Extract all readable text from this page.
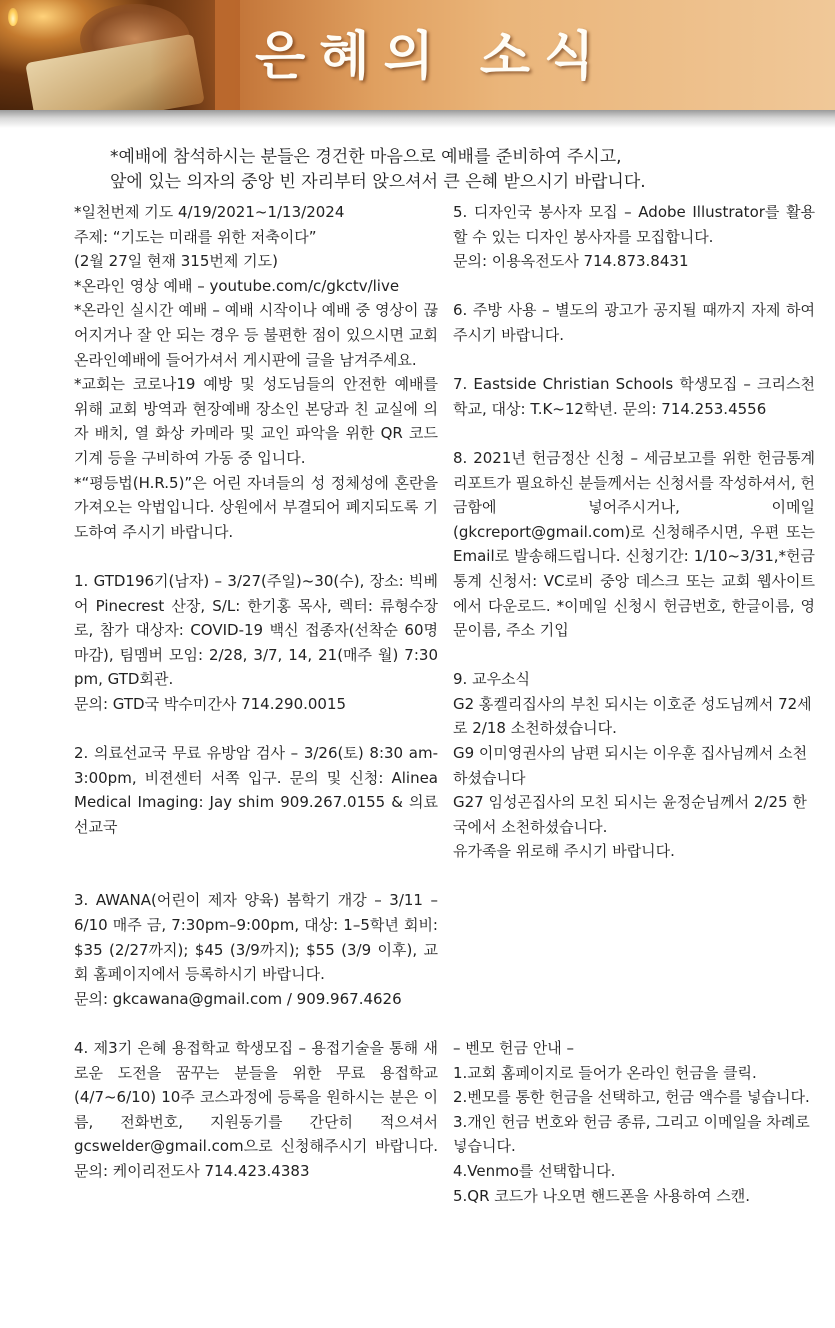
은혜의 소식
*예배에 참석하시는 분들은 경건한 마음으로 예배를 준비하여 주시고,
앞에 있는 의자의 중앙 빈 자리부터 앉으셔서 큰 은혜 받으시기 바랍니다.

*일천번제 기도 4/19/2021~1/13/2024

주제: “기도는 미래를 위한 저축이다”

(2월 27일 현재 315번제 기도)

*온라인 영상 예배 – youtube.com/c/gkctv/live

*온라인 실시간 예배 – 예배 시작이나 예배 중 영상이 끊어지거나 잘 안 되는 경우 등 불편한 점이 있으시면 교회 온라인예배에 들어가셔서 게시판에 글을 남겨주세요.

*교회는 코로나19 예방 및 성도님들의 안전한 예배를 위해 교회 방역과 현장예배 장소인 본당과 친 교실에 의자 배치, 열 화상 카메라 및 교인 파악을 위한 QR 코드 기계 등을 구비하여 가동 중 입니다.

*“평등법(H.R.5)”은 어린 자녀들의 성 정체성에 혼란을 가져오는 악법입니다. 상원에서 부결되어 폐지되도록 기도하여 주시기 바랍니다.

1. GTD196기(남자) – 3/27(주일)~30(수), 장소: 빅베어 Pinecrest 산장, S/L: 한기홍 목사, 렉터: 류형수장로, 참가 대상자: COVID-19 백신 접종자(선착순 60명 마감), 팀멤버 모임: 2/28, 3/7, 14, 21(매주 월) 7:30 pm, GTD회관.

문의: GTD국 박수미간사 714.290.0015

2. 의료선교국 무료 유방암 검사 – 3/26(토) 8:30 am-3:00pm, 비젼센터 서쪽 입구. 문의 및 신청: Alinea Medical Imaging: Jay shim 909.267.0155 & 의료선교국

3. AWANA(어린이 제자 양육) 봄학기 개강 – 3/11 – 6/10 매주 금, 7:30pm–9:00pm, 대상: 1–5학년 회비: $35 (2/27까지); $45 (3/9까지); $55 (3/9 이후), 교회 홈페이지에서 등록하시기 바랍니다.

문의: gkcawana@gmail.com / 909.967.4626

4. 제3기 은혜 용접학교 학생모집 – 용접기술을 통해 새로운 도전을 꿈꾸는 분들을 위한 무료 용접학교(4/7~6/10) 10주 코스과정에 등록을 원하시는 분은 이름, 전화번호, 지원동기를 간단히 적으셔서 gcswelder@gmail.com으로 신청해주시기 바랍니다. 문의: 케이리전도사 714.423.4383

5. 디자인국 봉사자 모집 – Adobe Illustrator를 활용할 수 있는 디자인 봉사자를 모집합니다.

문의: 이용옥전도사 714.873.8431

6. 주방 사용 – 별도의 광고가 공지될 때까지 자제 하여 주시기 바랍니다.

7. Eastside Christian Schools 학생모집 – 크리스천 학교, 대상: T.K~12학년. 문의: 714.253.4556

8. 2021년 헌금정산 신청 – 세금보고를 위한 헌금통계 리포트가 필요하신 분들께서는 신청서를 작성하셔서, 헌금함에 넣어주시거나, 이메일(gkcreport@gmail.com)로 신청해주시면, 우편 또는 Email로 발송해드립니다. 신청기간: 1/10~3/31,*헌금통계 신청서: VC로비 중앙 데스크 또는 교회 웹사이트에서 다운로드. *이메일 신청시 헌금번호, 한글이름, 영문이름, 주소 기입

9. 교우소식

G2 홍켈리집사의 부친 되시는 이호준 성도님께서 72세로 2/18 소천하셨습니다.

G9 이미영권사의 남편 되시는 이우훈 집사님께서 소천하셨습니다

G27 임성곤집사의 모친 되시는 윤정순님께서 2/25 한국에서 소천하셨습니다.

유가족을 위로해 주시기 바랍니다.

– 벤모 헌금 안내 –

1.교회 홈페이지로 들어가 온라인 헌금을 클릭.

2.벤모를 통한 헌금을 선택하고, 헌금 액수를 넣습니다.

3.개인 헌금 번호와 헌금 종류, 그리고 이메일을 차례로 넣습니다.

4.Venmo를 선택합니다.

5.QR 코드가 나오면 핸드폰을 사용하여 스캔.
